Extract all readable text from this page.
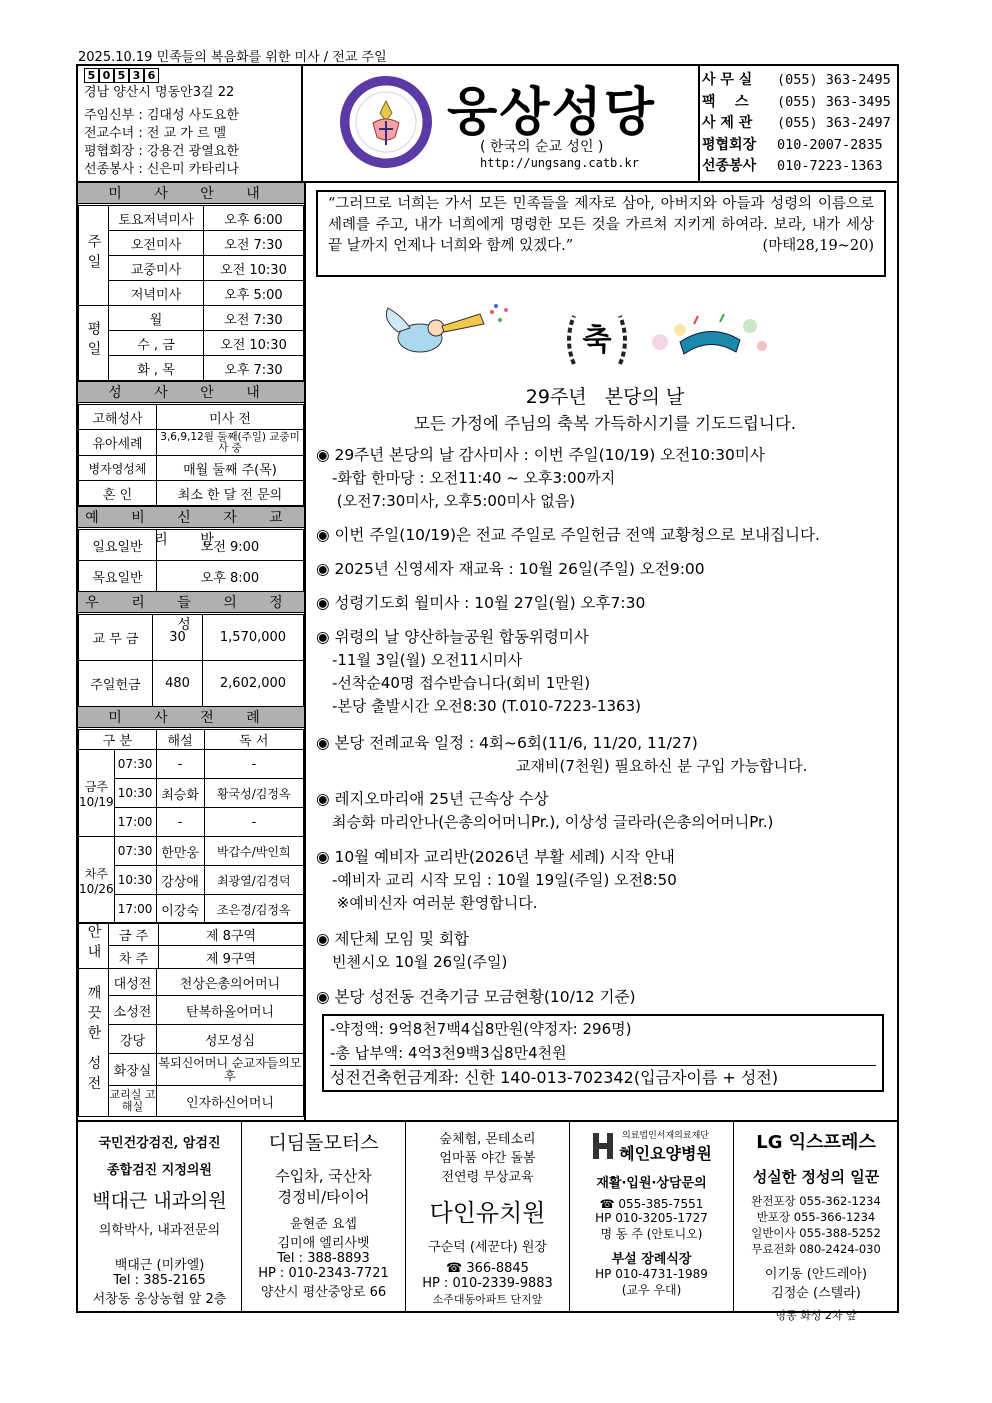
2025.10.19 민족들의 복음화를 위한 미사 / 전교 주일
5 0 5 3 6
경남 양산시 명동안3길 22
주임신부 : 김대성 사도요한
전교수녀 : 전 교 가 르 멜
평협회장 : 강용건 광열요한
선종봉사 : 신은미 카타리나
웅상성당
( 한국의 순교 성인 )
http://ungsang.catb.kr
사 무 실	(055) 363-2495
팩    스	(055) 363-3495
사 제 관	(055) 363-2497
평협회장	010-2007-2835
선종봉사	010-7223-1363
미 사 안 내
주일	토요저녁미사	오후 6:00
	오전미사	오전 7:30
	교중미사	오전 10:30
	저녁미사	오후 5:00
평일	월	오전 7:30
	수 , 금	오전 10:30
	화 , 목	오후 7:30
성 사 안 내
고해성사	미사 전
유아세례	3,6,9,12월 둘째(주일) 교중미사 중
병자영성체	매월 둘째 주(목)
혼 인	최소 한 달 전 문의
예 비 신 자 교 리 반
일요일반	오전 9:00
목요일반	오후 8:00
우 리 들 의 정 성
교 무 금	30	1,570,000
주일헌금	480	2,602,000
미 사 전 례
구 분		해설	독 서
금주 10/19	07:30	-	-
	10:30	최승화	황국성/김정옥
	17:00	-	-
차주 10/26	07:30	한만웅	박갑수/박인희
	10:30	강상애	최광열/김경덕
	17:00	이강숙	조은경/김정옥
안내	금 주	제 8구역
	차 주	제 9구역
깨끗한 성전	대성전	천상은총의어머니
	소성전	탄복하올어머니
	강당	성모성심
	화장실	복되신어머니 순교자들의모후
	교리실 고해실	인자하신어머니
“그러므로 너희는 가서 모든 민족들을 제자로 삼아, 아버지와 아들과 성령의 이름으로 세례를 주고, 내가 너희에게 명령한 모든 것을 가르쳐 지키게 하여라. 보라, 내가 세상 끝 날까지 언제나 너희와 함께 있겠다.”	(마태28,19~20)
축
29주년   본당의 날
모든 가정에 주님의 축복 가득하시기를 기도드립니다.
◉ 29주년 본당의 날 감사미사 : 이번 주일(10/19) 오전10:30미사
-화합 한마당 : 오전11:40 ~ 오후3:00까지
(오전7:30미사, 오후5:00미사 없음)
◉ 이번 주일(10/19)은 전교 주일로 주일헌금 전액 교황청으로 보내집니다.
◉ 2025년 신영세자 재교육 : 10월 26일(주일) 오전9:00
◉ 성령기도회 월미사 : 10월 27일(월) 오후7:30
◉ 위령의 날 양산하늘공원 합동위령미사
-11월 3일(월) 오전11시미사
-선착순40명 접수받습니다(회비 1만원)
-본당 출발시간 오전8:30 (T.010-7223-1363)
◉ 본당 전례교육 일정 : 4회~6회(11/6, 11/20, 11/27)
교재비(7천원) 필요하신 분 구입 가능합니다.
◉ 레지오마리애 25년 근속상 수상
최승화 마리안나(은총의어머니Pr.), 이상성 글라라(은총의어머니Pr.)
◉ 10월 예비자 교리반(2026년 부활 세례) 시작 안내
-예비자 교리 시작 모임 : 10월 19일(주일) 오전8:50
※예비신자 여러분 환영합니다.
◉ 제단체 모임 및 회합
빈첸시오 10월 26일(주일)
◉ 본당 성전동 건축기금 모금현황(10/12 기준)
-약정액: 9억8천7백4십8만원(약정자: 296명)
-총 납부액: 4억3천9백3십8만4천원
성전건축헌금계좌: 신한 140-013-702342(입금자이름 + 성전)
국민건강검진, 암검진
종합검진 지정의원
백대근 내과의원
의학박사, 내과전문의
백대근 (미카엘)
Tel : 385-2165
서창동 웅상농협 앞 2층
디딤돌모터스
수입차, 국산차
경정비/타이어
윤현준 요셉
김미애 엘리사벳
Tel : 388-8893
HP : 010-2343-7721
양산시 평산중앙로 66
숲체험, 몬테소리
엄마품 야간 돌봄
전연령 무상교육
다인유치원
구순덕 (세꾼다) 원장
☎ 366-8845
HP : 010-2339-9883
소주대동아파트 단지앞
의료법인서재의료재단
혜인요양병원
재활·입원·상담문의
☎ 055-385-7551
HP 010-3205-1727
명 동 주 (안토니오)
부설 장례식장
HP 010-4731-1989
(교우 우대)
LG 익스프레스
성실한 정성의 일꾼
완전포장 055-362-1234
반포장 055-366-1234
일반이사 055-388-5252
무료전화 080-2424-030
이기동 (안드레아)
김정순 (스텔라)
명동 화성 2차 앞
